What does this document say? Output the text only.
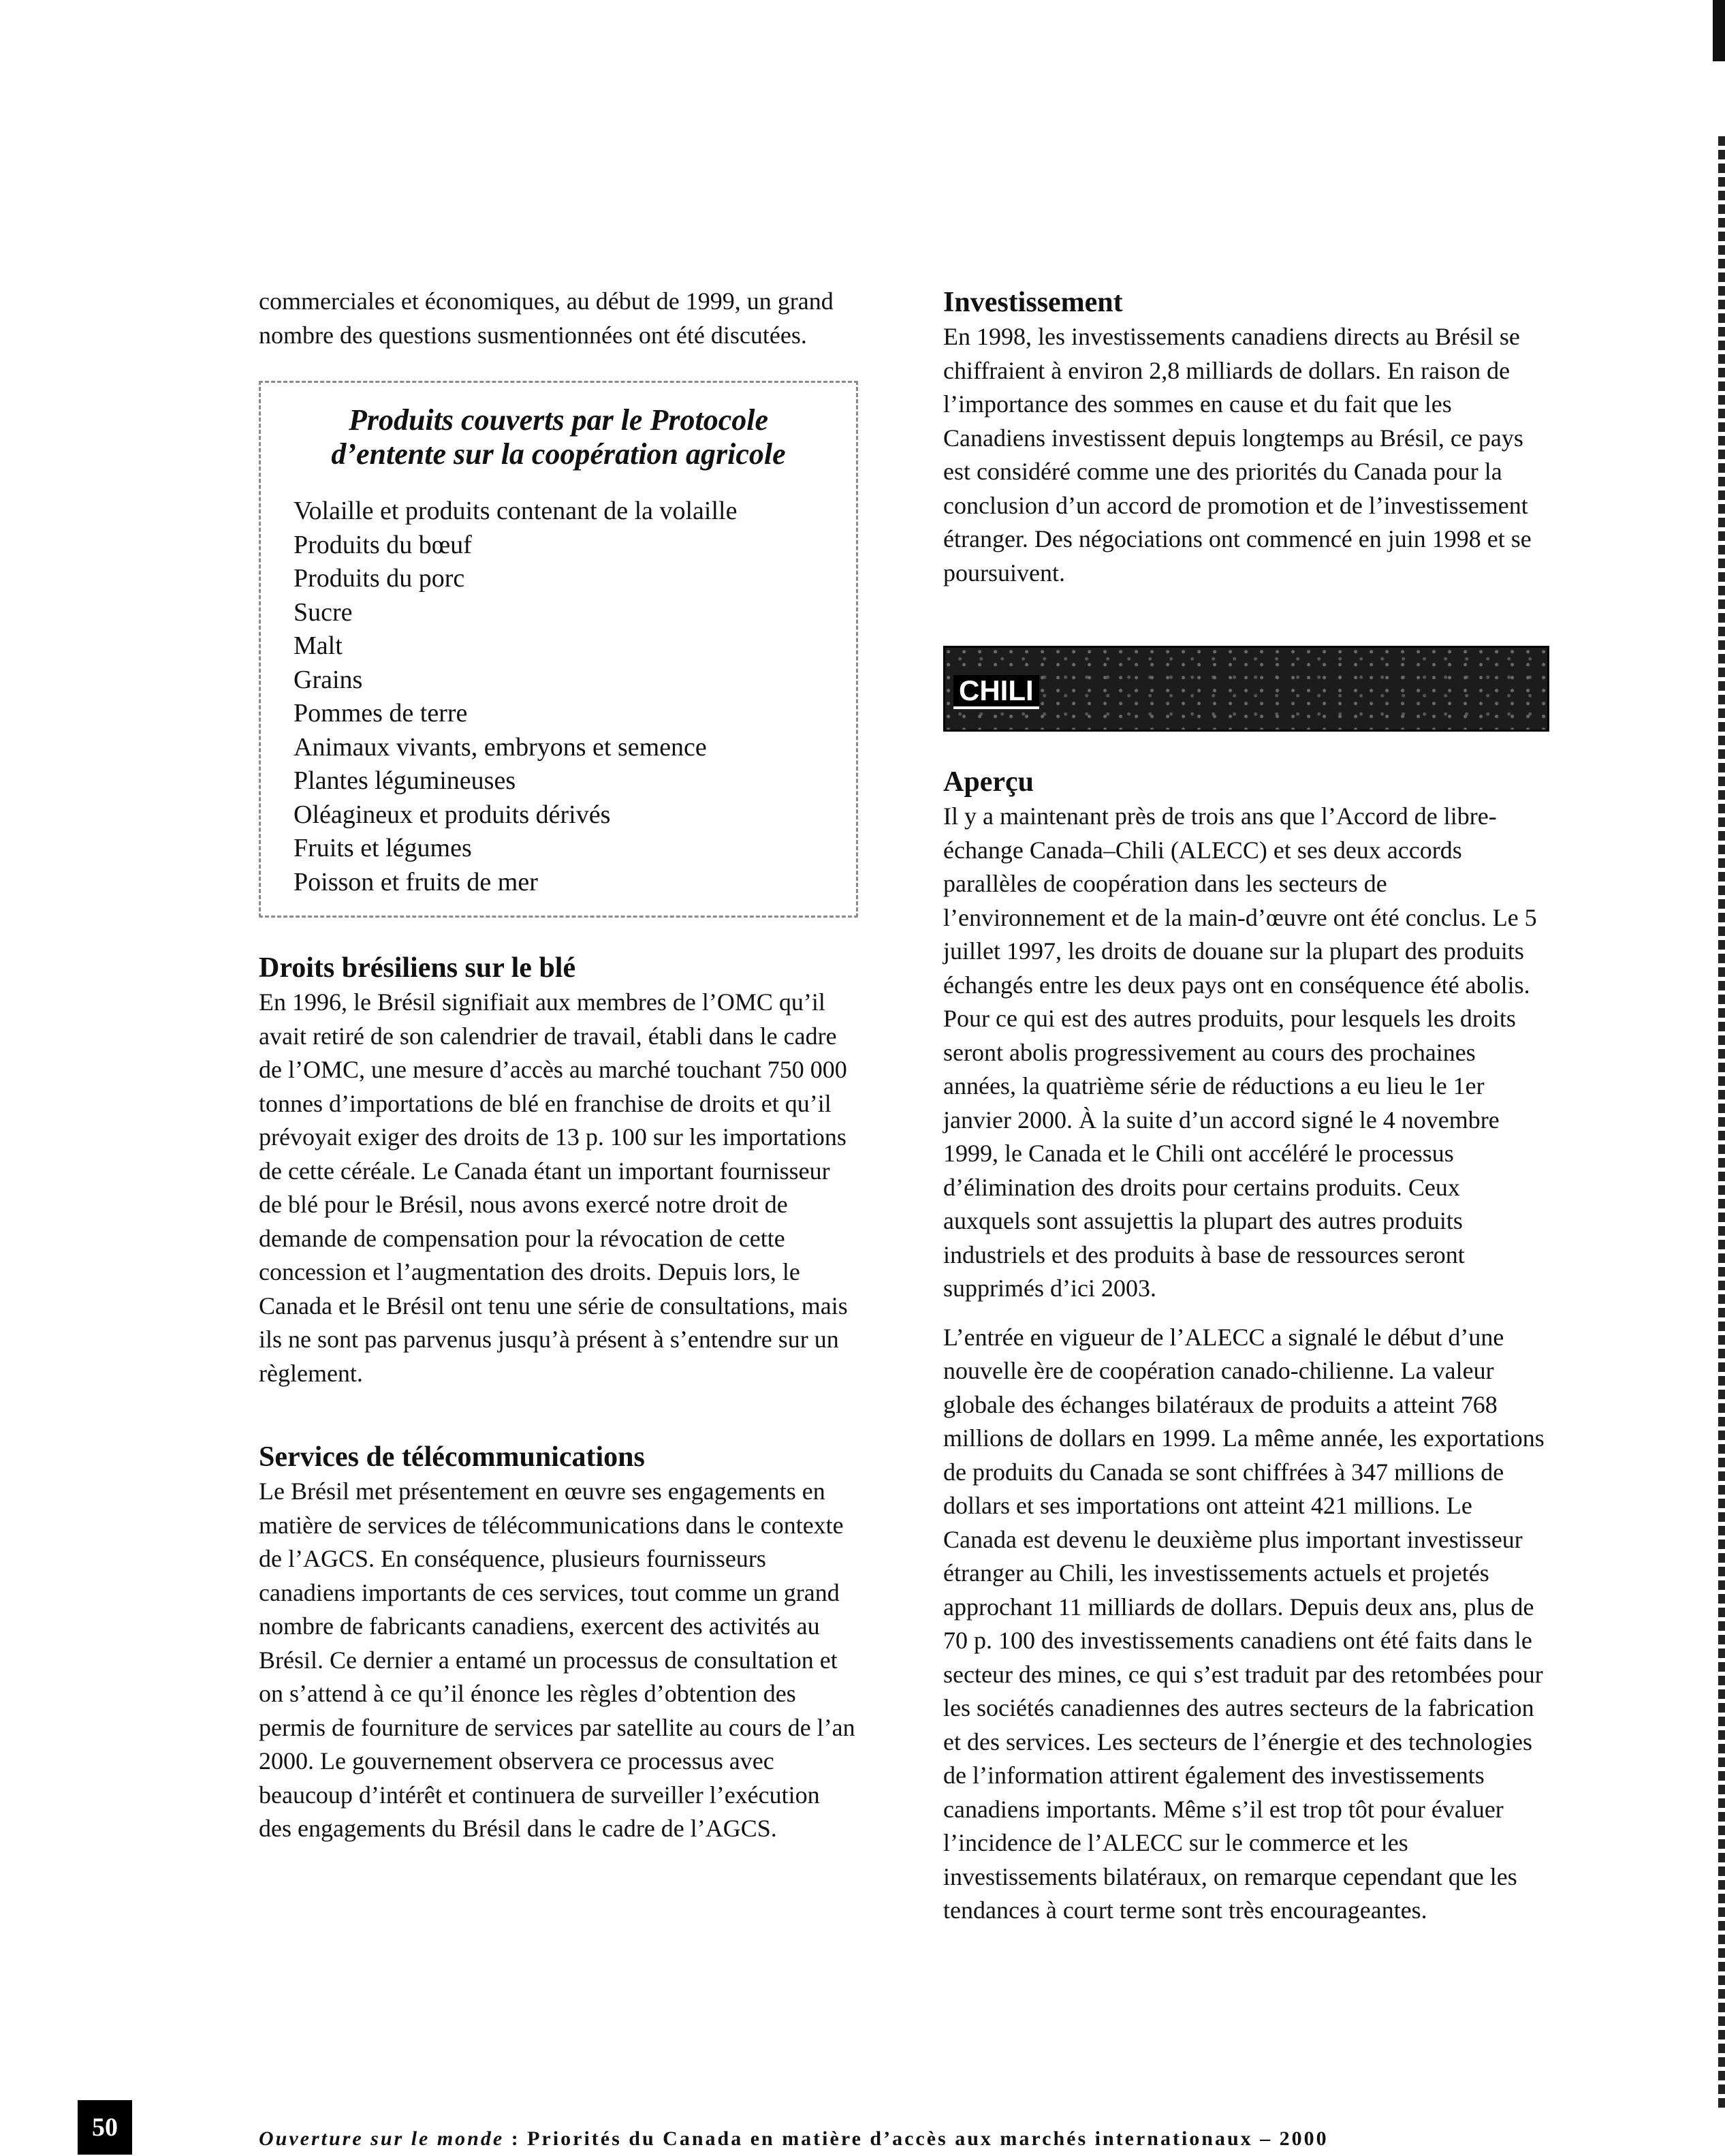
commerciales et économiques, au début de 1999, un grand nombre des questions susmentionnées ont été discutées.

Produits couverts par le Protocole
d’entente sur la coopération agricole
Volaille et produits contenant de la volaille
Produits du bœuf
Produits du porc
Sucre
Malt
Grains
Pommes de terre
Animaux vivants, embryons et semence
Plantes légumineuses
Oléagineux et produits dérivés
Fruits et légumes
Poisson et fruits de mer
Droits brésiliens sur le blé

En 1996, le Brésil signifiait aux membres de l’OMC qu’il avait retiré de son calendrier de travail, établi dans le cadre de l’OMC, une mesure d’accès au marché touchant 750 000 tonnes d’importations de blé en franchise de droits et qu’il prévoyait exiger des droits de 13 p. 100 sur les importations de cette céréale. Le Canada étant un important fournisseur de blé pour le Brésil, nous avons exercé notre droit de demande de compensation pour la révocation de cette concession et l’augmentation des droits. Depuis lors, le Canada et le Brésil ont tenu une série de consultations, mais ils ne sont pas parvenus jusqu’à présent à s’entendre sur un règlement.

Services de télécommunications

Le Brésil met présentement en œuvre ses engagements en matière de services de télécommunications dans le contexte de l’AGCS. En conséquence, plusieurs fournisseurs canadiens importants de ces services, tout comme un grand nombre de fabricants canadiens, exercent des activités au Brésil. Ce dernier a entamé un processus de consultation et on s’attend à ce qu’il énonce les règles d’obtention des permis de fourniture de services par satellite au cours de l’an 2000. Le gouvernement observera ce processus avec beaucoup d’intérêt et continuera de surveiller l’exécution des engagements du Brésil dans le cadre de l’AGCS.

Investissement

En 1998, les investissements canadiens directs au Brésil se chiffraient à environ 2,8 milliards de dollars. En raison de l’importance des sommes en cause et du fait que les Canadiens investissent depuis longtemps au Brésil, ce pays est considéré comme une des priorités du Canada pour la conclusion d’un accord de promotion et de l’investissement étranger. Des négociations ont commencé en juin 1998 et se poursuivent.

CHILI
Aperçu

Il y a maintenant près de trois ans que l’Accord de libre-échange Canada–Chili (ALECC) et ses deux accords parallèles de coopération dans les secteurs de l’environnement et de la main-d’œuvre ont été conclus. Le 5 juillet 1997, les droits de douane sur la plupart des produits échangés entre les deux pays ont en conséquence été abolis. Pour ce qui est des autres produits, pour lesquels les droits seront abolis progressivement au cours des prochaines années, la quatrième série de réductions a eu lieu le 1er janvier 2000. À la suite d’un accord signé le 4 novembre 1999, le Canada et le Chili ont accéléré le processus d’élimination des droits pour certains produits. Ceux auxquels sont assujettis la plupart des autres produits industriels et des produits à base de ressources seront supprimés d’ici 2003.

L’entrée en vigueur de l’ALECC a signalé le début d’une nouvelle ère de coopération canado-chilienne. La valeur globale des échanges bilatéraux de produits a atteint 768 millions de dollars en 1999. La même année, les exportations de produits du Canada se sont chiffrées à 347 millions de dollars et ses importations ont atteint 421 millions. Le Canada est devenu le deuxième plus important investisseur étranger au Chili, les investissements actuels et projetés approchant 11 milliards de dollars. Depuis deux ans, plus de 70 p. 100 des investissements canadiens ont été faits dans le secteur des mines, ce qui s’est traduit par des retombées pour les sociétés canadiennes des autres secteurs de la fabrication et des services. Les secteurs de l’énergie et des technologies de l’information attirent également des investissements canadiens importants. Même s’il est trop tôt pour évaluer l’incidence de l’ALECC sur le commerce et les investissements bilatéraux, on remarque cependant que les tendances à court terme sont très encourageantes.

50	Ouverture sur le monde : Priorités du Canada en matière d’accès aux marchés internationaux – 2000
